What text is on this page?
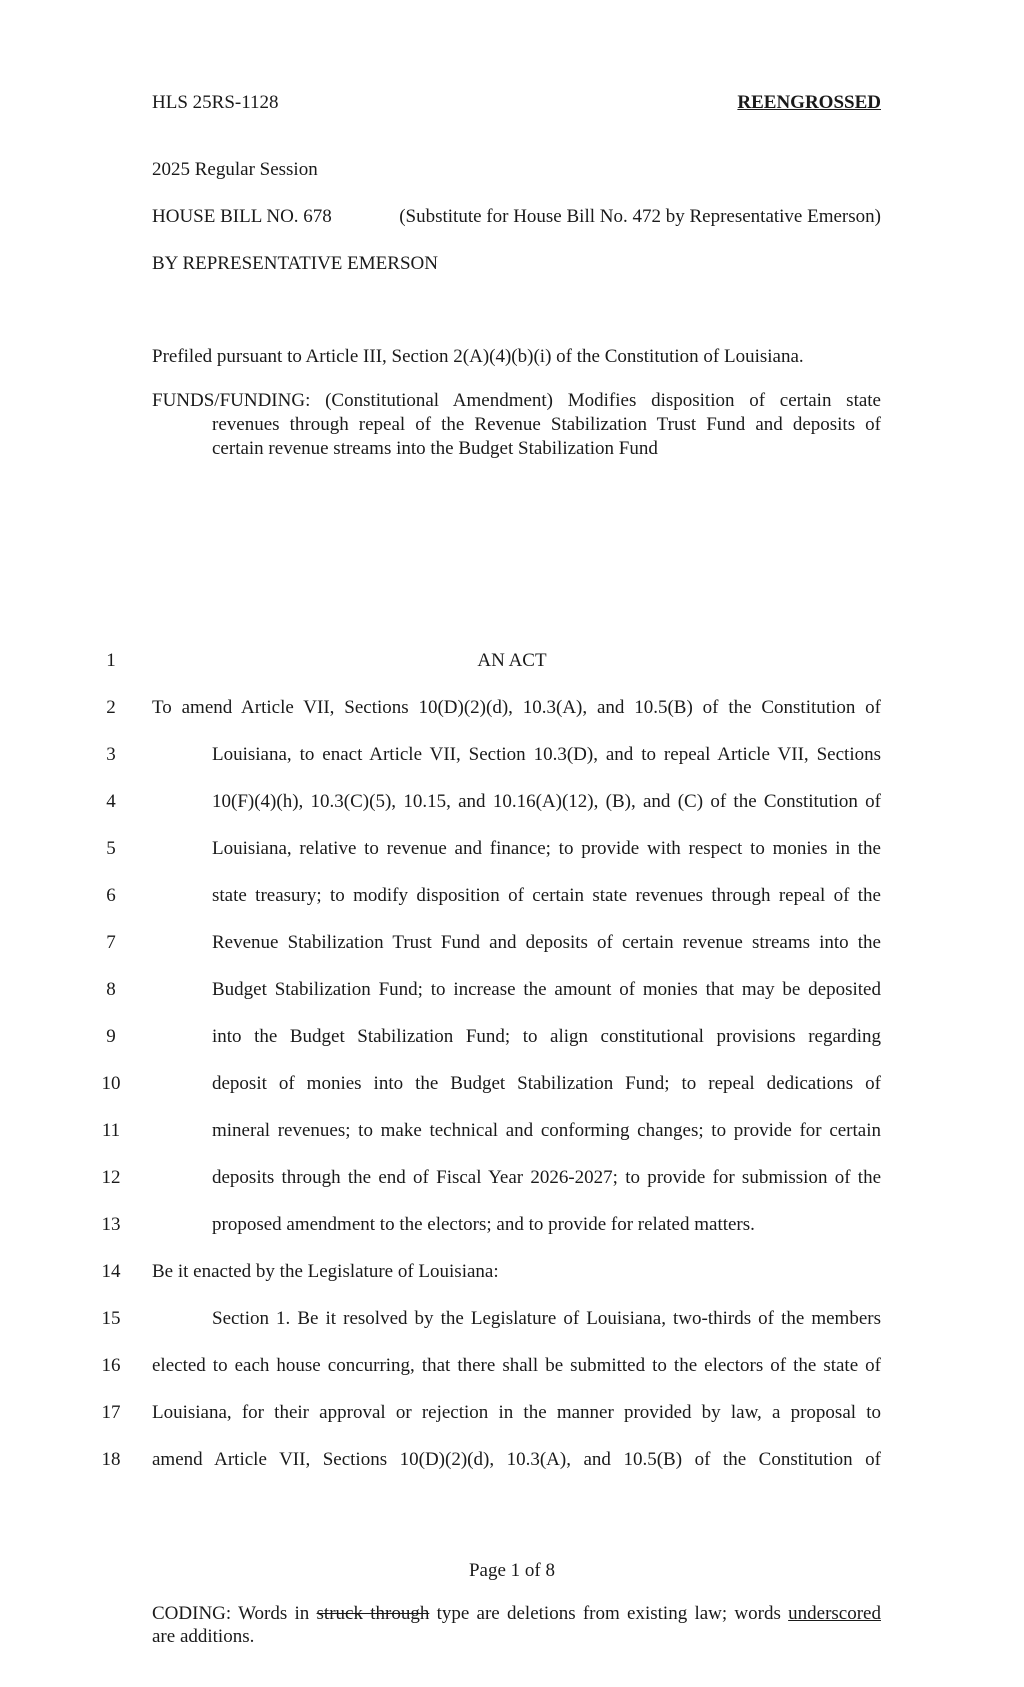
HLS 25RS-1128	REENGROSSED
2025 Regular Session
HOUSE BILL NO. 678	(Substitute for House Bill No. 472 by Representative Emerson)
BY REPRESENTATIVE EMERSON
Prefiled pursuant to Article III, Section 2(A)(4)(b)(i) of the Constitution of Louisiana.
FUNDS/FUNDING: (Constitutional Amendment) Modifies disposition of certain state
revenues through repeal of the Revenue Stabilization Trust Fund and deposits of
certain revenue streams into the Budget Stabilization Fund
1
2
3
4
5
6
7
8
9
10
11
12
13
14
15
16
17
18
AN ACT
To amend Article VII, Sections 10(D)(2)(d), 10.3(A), and 10.5(B) of the Constitution of
Louisiana, to enact Article VII, Section 10.3(D), and to repeal Article VII, Sections
10(F)(4)(h), 10.3(C)(5), 10.15, and 10.16(A)(12), (B), and (C) of the Constitution of
Louisiana, relative to revenue and finance; to provide with respect to monies in the
state treasury; to modify disposition of certain state revenues through repeal of the
Revenue Stabilization Trust Fund and deposits of certain revenue streams into the
Budget Stabilization Fund; to increase the amount of monies that may be deposited
into the Budget Stabilization Fund; to align constitutional provisions regarding
deposit of monies into the Budget Stabilization Fund; to repeal dedications of
mineral revenues; to make technical and conforming changes; to provide for certain
deposits through the end of Fiscal Year 2026-2027; to provide for submission of the
proposed amendment to the electors; and to provide for related matters.
Be it enacted by the Legislature of Louisiana:
Section 1. Be it resolved by the Legislature of Louisiana, two-thirds of the members
elected to each house concurring, that there shall be submitted to the electors of the state of
Louisiana, for their approval or rejection in the manner provided by law, a proposal to
amend Article VII, Sections 10(D)(2)(d), 10.3(A), and 10.5(B) of the Constitution of
Page 1 of 8
CODING: Words in struck through type are deletions from existing law; words underscored
are additions.
